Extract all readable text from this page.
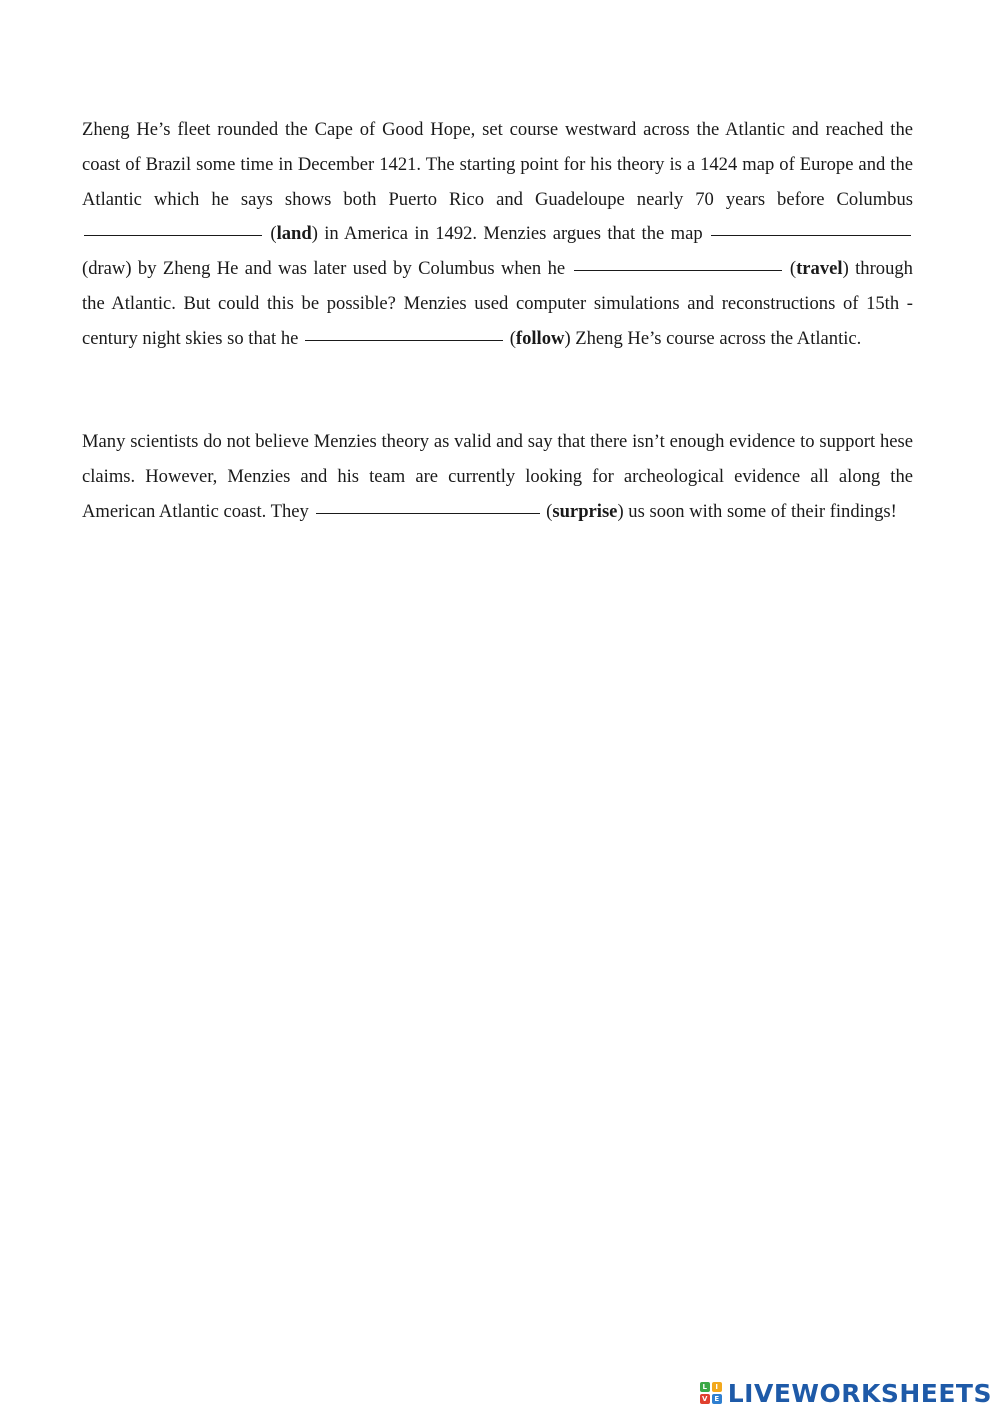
Zheng He’s fleet rounded the Cape of Good Hope, set course westward across the Atlantic and reached the coast of Brazil some time in December 1421. The starting point for his theory is a 1424 map of Europe and the Atlantic which he says shows both Puerto Rico and Guadeloupe nearly 70 years before Columbus  (land) in America in 1492. Menzies argues that the map  (draw) by Zheng He and was later used by Columbus when he	(travel) through the Atlantic. But could this be possible? Menzies used computer simulations and reconstructions of 15th - century night skies so that he	(follow) Zheng He’s course across the Atlantic.

Many scientists do not believe Menzies theory as valid and say that there isn’t enough evidence to support hese claims. However, Menzies and his team are currently looking for archeological evidence all along the American Atlantic coast. They	(surprise) us soon with some of their findings!

L	I
V E LIVEWORKSHEETS
